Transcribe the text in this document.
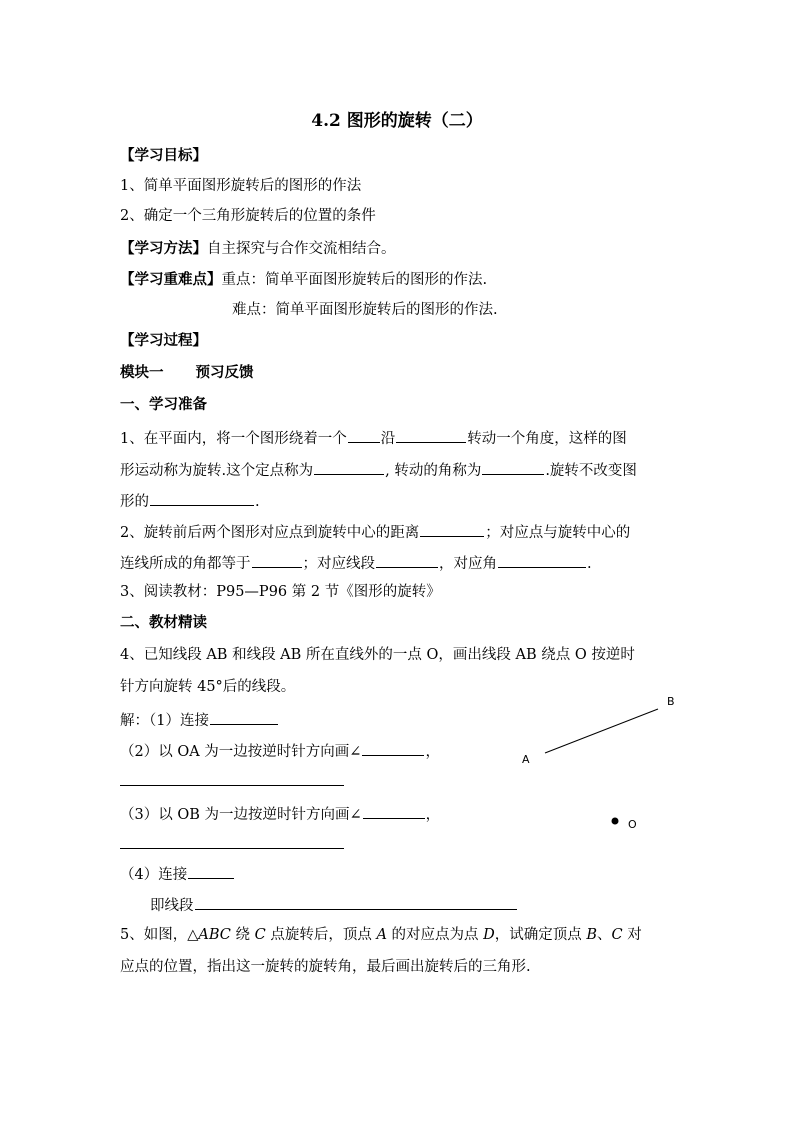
4.2 图形的旋转（二）
【学习目标】
1、简单平面图形旋转后的图形的作法
2、确定一个三角形旋转后的位置的条件
【学习方法】自主探究与合作交流相结合。
【学习重难点】重点：简单平面图形旋转后的图形的作法.
难点：简单平面图形旋转后的图形的作法.
【学习过程】
模块一 预习反馈
一、学习准备
1、在平面内，将一个图形绕着一个 沿	转动一个角度，这样的图
形运动称为旋转.这个定点称为	, 转动的角称为	.旋转不改变图
形的	.
2、旋转前后两个图形对应点到旋转中心的距离	；对应点与旋转中心的
连线所成的角都等于	；对应线段	，对应角	.
3、阅读教材：P95—P96 第 2 节《图形的旋转》
二、教材精读
4、已知线段 AB 和线段 AB 所在直线外的一点 O，画出线段 AB 绕点 O 按逆时
针方向旋转 45°后的线段。
解：（1）连接
（2）以 OA 为一边按逆时针方向画∠	，
（3）以 OB 为一边按逆时针方向画∠	，
（4）连接
即线段
A
B
O
5、如图，△ABC 绕 C 点旋转后，顶点 A 的对应点为点 D，试确定顶点 B、C 对
应点的位置，指出这一旋转的旋转角，最后画出旋转后的三角形.
